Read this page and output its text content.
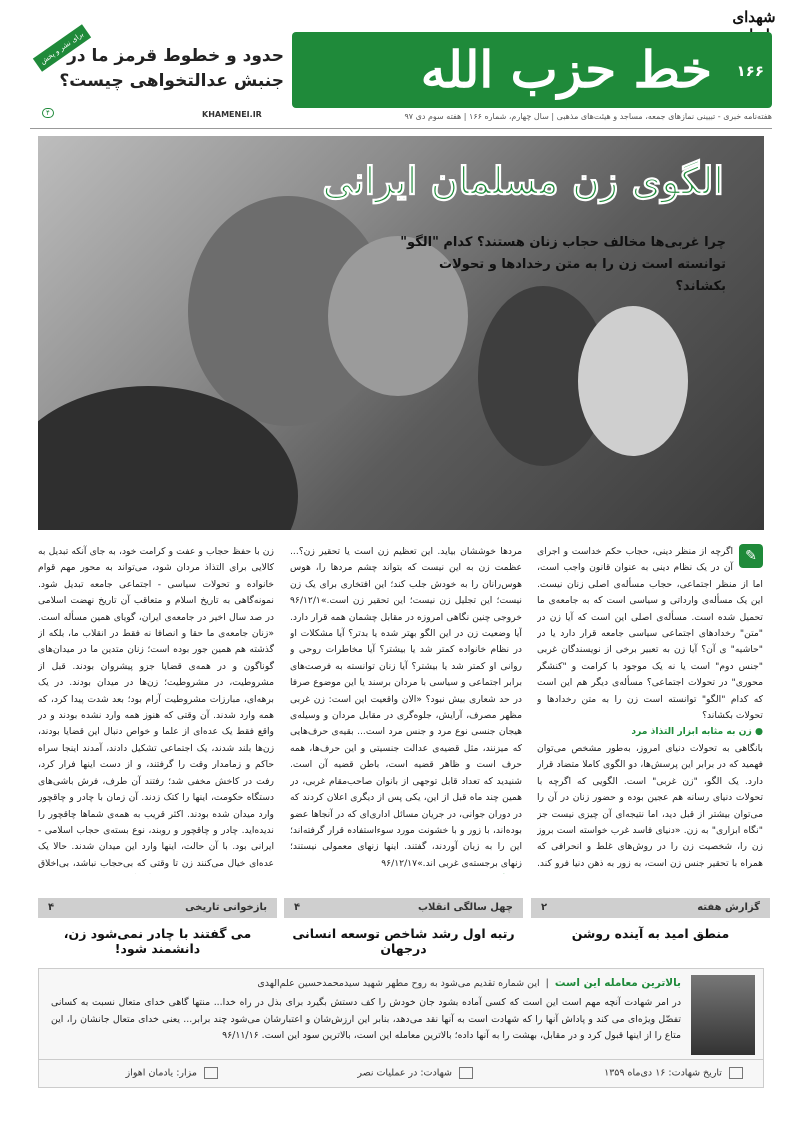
شهدای
خط حزب الله ۱۶۶
هفته‌نامه خبری - تبیینی نمازهای جمعه، مساجد و هیئت‌های مذهبی | سال چهارم، شماره ۱۶۶ | هفته سوم دی ۹۷
KHAMENEI.IR
برای نشر و پخش
حدود و خطوط قرمز ما در جنبش عدالتخواهی چیست؟
۴
الگوی زن مسلمان ایرانی
چرا غربی‌ها مخالف حجاب زنان هستند؟ کدام "الگو" توانسته است زن را به متن رخدادها و تحولات بکشاند؟
✎
اگرچه از منظر دینی، حجاب حکم خداست و اجرای آن در یک نظام دینی به عنوان قانون واجب است، اما از منظر اجتماعی، حجاب مسأله‌ی اصلی زنان نیست. این یک مسأله‌ی وارداتی و سیاسی است که به جامعه‌ی ما تحمیل شده است. مسأله‌ی اصلی این است که آیا زن در "متن" رخدادهای اجتماعی سیاسی جامعه قرار دارد یا در "حاشیه" ی آن؟ آیا زن به تعبیر برخی از نویسندگان غربی "جنس دوم" است یا نه یک موجود با کرامت و "کنشگر محوری" در تحولات اجتماعی؟ مسأله‌ی دیگر هم این است که کدام "الگو" توانسته است زن را به متن رخدادها و تحولات بکشاند؟
● زن به مثابه ابزار التذاذ مرد
بانگاهی به تحولات دنیای امروز، به‌طور مشخص می‌توان فهمید که در برابر این پرسش‌ها، دو الگوی کاملا متضاد قرار دارد. یک الگو، "زن غربی" است. الگویی که اگرچه با تحولات دنیای رسانه هم عجین بوده و حضور زنان در آن را می‌توان بیشتر از قبل دید، اما نتیجه‌ای آن چیزی نیست جز "نگاه ابزاری" به زن. «دنیای فاسد غرب خواسته است بروز زن را، شخصیت زن را در روش‌های غلط و انحرافی که همراه با تحقیر جنس زن است، به زور به ذهن دنیا فرو کند.
مردها خوششان بیاید. این تعظیم زن است یا تحقیر زن؟... عظمت زن به این نیست که بتواند چشم مردها را، هوس هوس‌رانان را به خودش جلب کند؛ این افتخاری برای یک زن نیست؛ این تجلیل زن نیست؛ این تحقیر زن است.»۹۶/۱۲/۱ خروجی چنین نگاهی امروزه در مقابل چشمان همه قرار دارد. آیا وضعیت زن در این الگو بهتر شده یا بدتر؟ آیا مشکلات او در نظام خانواده کمتر شد یا بیشتر؟ آیا مخاطرات روحی و روانی او کمتر شد یا بیشتر؟ آیا زنان توانسته به فرصت‌های برابر اجتماعی و سیاسی با مردان برسند یا این موضوع صرفا در حد شعاری بیش نبود؟ «الان واقعیت این است: زن غربی مظهر مصرف، آرایش، جلوه‌گری در مقابل مردان و وسیله‌ی هیجان جنسی نوع مرد و جنس مرد است... بقیه‌ی حرف‌هایی که میزنند، مثل قضیه‌ی عدالت جنسیتی و این حرف‌ها، همه حرف است و ظاهر قضیه است، باطن قضیه آن است. شنیدید که تعداد قابل توجهی از بانوان صاحب‌مقام غربی، در همین چند ماه قبل از این، یکی پس از دیگری اعلان کردند که در دوران جوانی، در جریان مسائل اداری‌ای که در آنجاها عضو بوده‌اند، با زور و با خشونت مورد سوءاستفاده قرار گرفته‌اند؛ این را به زبان آوردند، گفتند. اینها زنهای معمولی نیستند؛ زنهای برجسته‌ی غربی اند.»۹۶/۱۲/۱۷

زن با حفظ حجاب و عفت و کرامت خود، به جای آنکه تبدیل به کالایی برای التذاذ مردان شود، می‌تواند به محور مهم قوام خانواده و تحولات سیاسی - اجتماعی جامعه تبدیل شود. نمونه‌گاهی به تاریخ اسلام و متعاقب آن تاریخ نهضت اسلامی در صد سال اخیر در جامعه‌ی ایران، گویای همین مسأله است. «زنان جامعه‌ی ما حقا و انصافا نه فقط در انقلاب ما، بلکه از گذشته هم همین جور بوده است؛ زنان متدین ما در میدان‌های گوناگون و در همه‌ی قضایا جزو پیشروان بودند. قبل از مشروطیت، در مشروطیت؛ زن‌ها در میدان بودند. در یک برهه‌ای، مبارزات مشروطیت آرام بود؛ بعد شدت پیدا کرد، که همه وارد شدند. آن وقتی که هنوز همه وارد نشده بودند و در واقع فقط یک عده‌ای از علما و خواص دنبال این قضایا بودند، زن‌ها بلند شدند، یک اجتماعی تشکیل دادند، آمدند اینجا سراه حاکم و زمامدار وقت را گرفتند، و از دست اینها فرار کرد، رفت در کاخش مخفی شد؛ رفتند آن طرف، فرش باشی‌های دستگاه حکومت، اینها را کتک زدند. آن زمان با چادر و چاقچور وارد میدان شده بودند. اکثر قریب به همه‌ی شماها چاقچور را ندیده‌اید. چادر و چاقچور و روبند، نوع بسته‌ی حجاب اسلامی - ایرانی بود. با آن حالت، اینها وارد این میدان شدند. حالا یک عده‌ای خیال می‌کنند زن تا وقتی که بی‌حجاب نباشد، بی‌اخلاق
گزارش هفته
۲
منطق امید به آینده روشن
چهل سالگی انقلاب
۴
رتبه اول رشد شاخص توسعه انسانی درجهان
بازخوانی تاریخی
۴
می گفتند با چادر نمی‌شود زن، دانشمند شود!
بالاترین معامله این است  |  این شماره تقدیم می‌شود به روح مطهر شهید سیدمحمدحسین علم‌الهدی
در امر شهادت آنچه مهم است این است که کسی آماده بشود جان خودش را کف دستش بگیرد برای بذل در راه خدا... منتها گاهی خدای متعال نسبت به کسانی تفضّل ویژه‌ای می کند و پاداش آنها را که شهادت است به آنها نقد می‌دهد، بنابر این ارزش‌شان و اعتبارشان می‌شود چند برابر... یعنی خدای متعال جانشان را، این متاع را از اینها قبول کرد و در مقابل، بهشت را به آنها داده؛ بالاترین معامله این است، بالاترین سود این است. ۹۶/۱۱/۱۶
تاریخ شهادت: ۱۶ دی‌ماه ۱۳۵۹
شهادت: در عملیات نصر
مزار: یادمان اهواز
